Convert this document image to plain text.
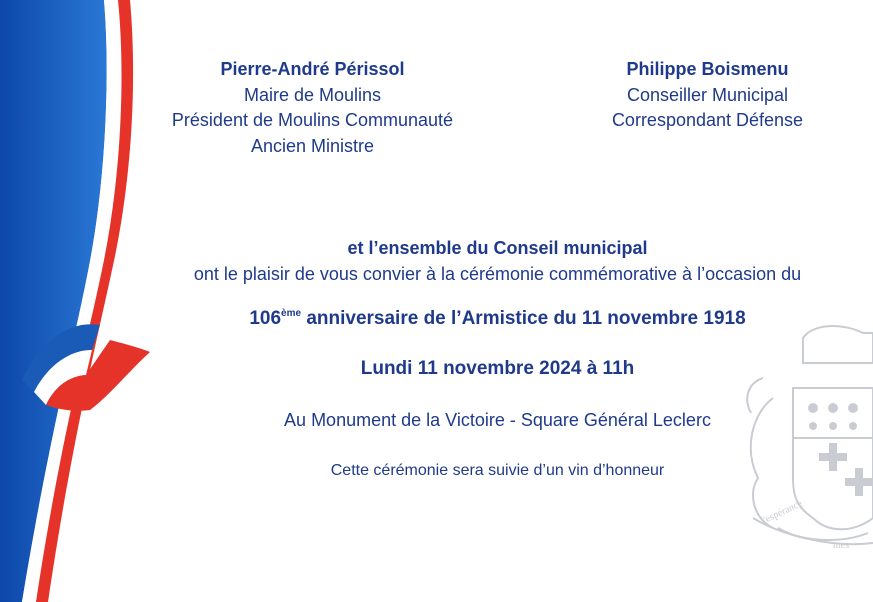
l'espérance
mes
Pierre-André Périssol
Maire de Moulins
Président de Moulins Communauté
Ancien Ministre
Philippe Boismenu
Conseiller Municipal
Correspondant Défense
et l’ensemble du Conseil municipal
ont le plaisir de vous convier à la cérémonie commémorative à l’occasion du
106ème anniversaire de l’Armistice du 11 novembre 1918
Lundi 11 novembre 2024 à 11h
Au Monument de la Victoire - Square Général Leclerc
Cette cérémonie sera suivie d’un vin d’honneur
